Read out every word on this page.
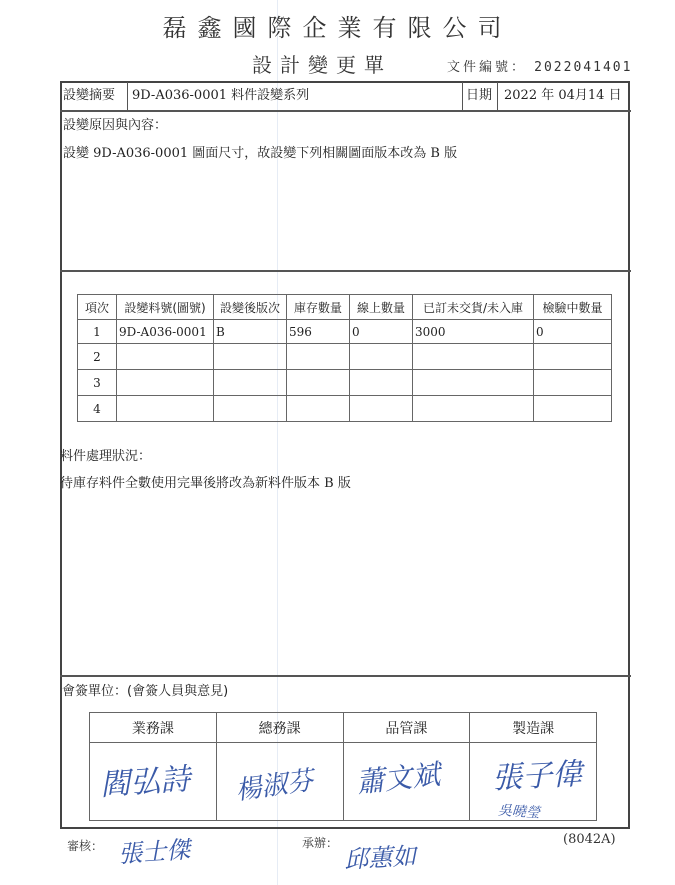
磊鑫國際企業有限公司
設計變更單	文件編號： 2022041401
設變摘要 9D-A036-0001 料件設變系列	日期 2022 年 04月14 日
設變原因與內容：
設變 9D-A036-0001 圖面尺寸，故設變下列相關圖面版本改為 B 版
項次	設變料號(圖號)	設變後版次	庫存數量	線上數量	已訂未交貨/未入庫	檢驗中數量
1	9D-A036-0001	B	596	0	3000	0
2						
3						
4						
料件處理狀況：
待庫存料件全數使用完畢後將改為新料件版本 B 版
會簽單位：(會簽人員與意見)
業務課	總務課	品管課	製造課

閻弘詩	楊淑芬	蕭文斌	張子偉
吳曉瑩
審核： 張士傑	承辦： 邱蕙如
(8042A)
